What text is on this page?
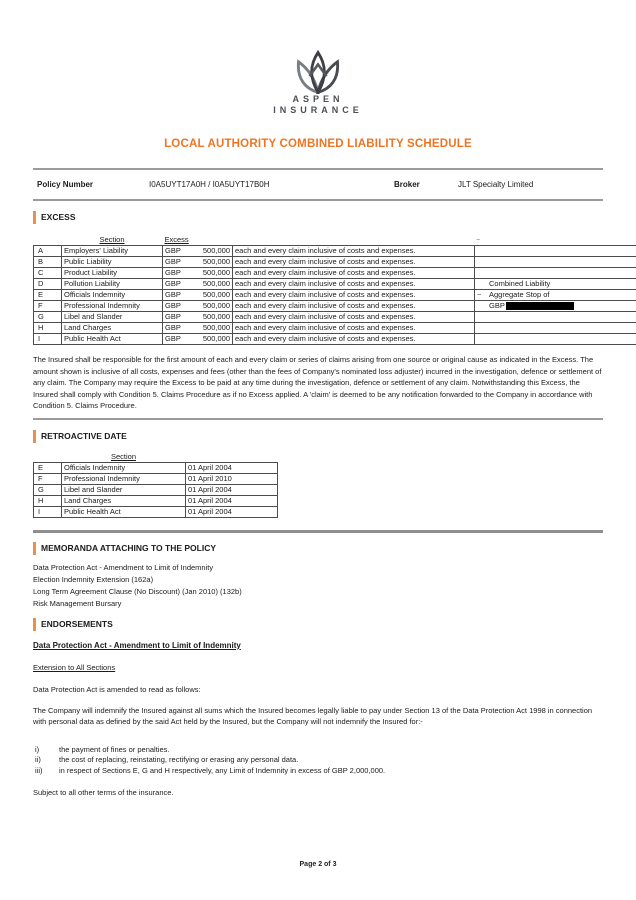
ASPEN
INSURANCE
LOCAL AUTHORITY COMBINED LIABILITY SCHEDULE
Policy Number	I0A5UYT17A0H / I0A5UYT17B0H	Broker	JLT Specialty Limited
EXCESS
	Section	Excess		–
A	Employers' Liability	GBP 500,000	each and every claim inclusive of costs and expenses.	
B	Public Liability	GBP 500,000	each and every claim inclusive of costs and expenses.	
C	Product Liability	GBP 500,000	each and every claim inclusive of costs and expenses.	
D	Pollution Liability	GBP 500,000	each and every claim inclusive of costs and expenses.	Combined Liability
E	Officials Indemnity	GBP 500,000	each and every claim inclusive of costs and expenses.	~ Aggregate Stop of
F	Professional Indemnity	GBP 500,000	each and every claim inclusive of costs and expenses.	GBP
G	Libel and Slander	GBP 500,000	each and every claim inclusive of costs and expenses.	
H	Land Charges	GBP 500,000	each and every claim inclusive of costs and expenses.	
I	Public Health Act	GBP 500,000	each and every claim inclusive of costs and expenses.	

The Insured shall be responsible for the first amount of each and every claim or series of claims arising from one source or original cause as indicated in the Excess. The amount shown is inclusive of all costs, expenses and fees (other than the fees of Company's nominated loss adjuster) incurred in the investigation, defence or settlement of any claim. The Company may require the Excess to be paid at any time during the investigation, defence or settlement of any claim. Notwithstanding this Excess, the Insured shall comply with Condition 5. Claims Procedure as if no Excess applied. A 'claim' is deemed to be any notification forwarded to the Company in accordance with Condition 5. Claims Procedure.

RETROACTIVE DATE
	Section	
E	Officials Indemnity	01 April 2004
F	Professional Indemnity	01 April 2010
G	Libel and Slander	01 April 2004
H	Land Charges	01 April 2004
I	Public Health Act	01 April 2004
MEMORANDA ATTACHING TO THE POLICY
Data Protection Act - Amendment to Limit of Indemnity
Election Indemnity Extension (162a)
Long Term Agreement Clause (No Discount) (Jan 2010) (132b)
Risk Management Bursary
ENDORSEMENTS
Data Protection Act - Amendment to Limit of Indemnity
Extension to All Sections

Data Protection Act is amended to read as follows:

The Company will indemnify the Insured against all sums which the Insured becomes legally liable to pay under Section 13 of the Data Protection Act 1998 in connection with personal data as defined by the said Act held by the Insured, but the Company will not indemnify the Insured for:-

i)	the payment of fines or penalties.
ii)	the cost of replacing, reinstating, rectifying or erasing any personal data.
iii)	in respect of Sections E, G and H respectively, any Limit of Indemnity in excess of GBP 2,000,000.

Subject to all other terms of the insurance.

Page 2 of 3
